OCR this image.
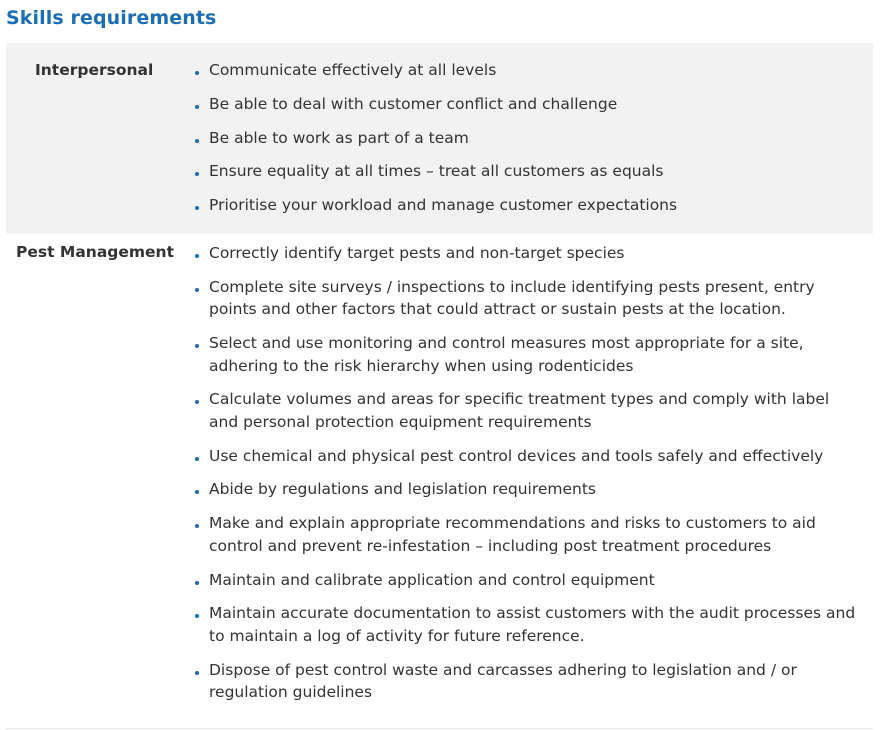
Skills requirements
Interpersonal	Communicate effectively at all levels
Be able to deal with customer conflict and challenge
Be able to work as part of a team
Ensure equality at all times – treat all customers as equals
Prioritise your workload and manage customer expectations
Pest Management	Correctly identify target pests and non-target species
Complete site surveys / inspections to include identifying pests present, entry points and other factors that could attract or sustain pests at the location.
Select and use monitoring and control measures most appropriate for a site, adhering to the risk hierarchy when using rodenticides
Calculate volumes and areas for specific treatment types and comply with label and personal protection equipment requirements
Use chemical and physical pest control devices and tools safely and effectively
Abide by regulations and legislation requirements
Make and explain appropriate recommendations and risks to customers to aid control and prevent re-infestation – including post treatment procedures
Maintain and calibrate application and control equipment
Maintain accurate documentation to assist customers with the audit processes and to maintain a log of activity for future reference.
Dispose of pest control waste and carcasses adhering to legislation and / or regulation guidelines
